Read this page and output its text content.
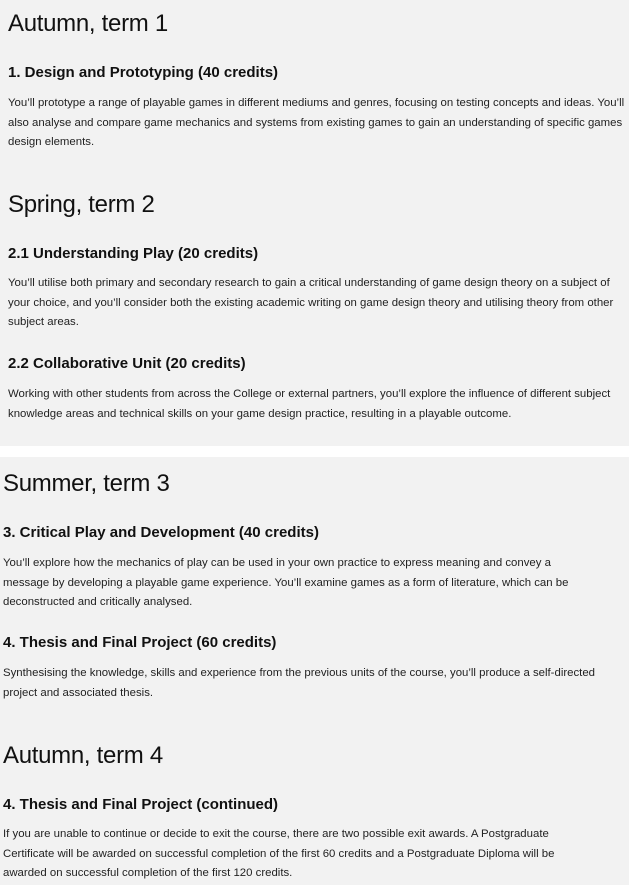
Autumn, term 1
1. Design and Prototyping (40 credits)

You’ll prototype a range of playable games in different mediums and genres, focusing on testing concepts and ideas. You’ll also analyse and compare game mechanics and systems from existing games to gain an understanding of specific games design elements.

Spring, term 2
2.1 Understanding Play (20 credits)

You’ll utilise both primary and secondary research to gain a critical understanding of game design theory on a subject of your choice, and you’ll consider both the existing academic writing on game design theory and utilising theory from other subject areas.

2.2 Collaborative Unit (20 credits)

Working with other students from across the College or external partners, you’ll explore the influence of different subject knowledge areas and technical skills on your game design practice, resulting in a playable outcome.

Summer, term 3
3. Critical Play and Development (40 credits)

You’ll explore how the mechanics of play can be used in your own practice to express meaning and convey a message by developing a playable game experience. You’ll examine games as a form of literature, which can be deconstructed and critically analysed.

4. Thesis and Final Project (60 credits)

Synthesising the knowledge, skills and experience from the previous units of the course, you’ll produce a self-directed project and associated thesis.

Autumn, term 4
4. Thesis and Final Project (continued)

If you are unable to continue or decide to exit the course, there are two possible exit awards. A Postgraduate Certificate will be awarded on successful completion of the first 60 credits and a Postgraduate Diploma will be awarded on successful completion of the first 120 credits.
